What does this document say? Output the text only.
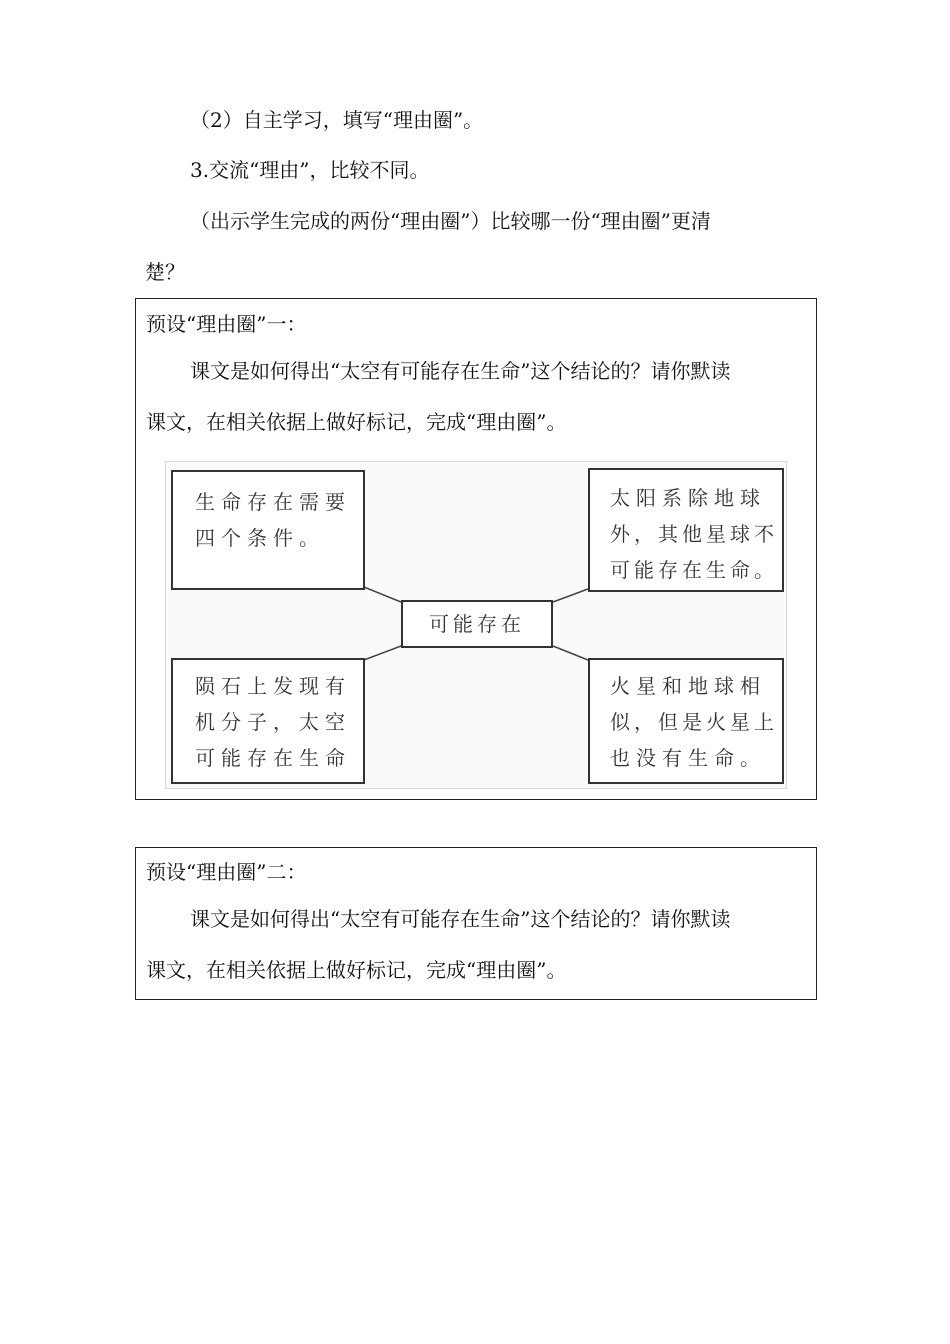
（2）自主学习，填写“理由圈”。
3.交流“理由”，比较不同。
（出示学生完成的两份“理由圈”）比较哪一份“理由圈”更清
楚？
预设“理由圈”一：
课文是如何得出“太空有可能存在生命”这个结论的？请你默读
课文，在相关依据上做好标记，完成“理由圈”。
生命存在需要
四个条件。
太阳系除地球
外，其他星球不
可能存在生命。
可能存在
陨石上发现有
机分子，太空
可能存在生命
火星和地球相
似，但是火星上
也没有生命。
预设“理由圈”二：
课文是如何得出“太空有可能存在生命”这个结论的？请你默读
课文，在相关依据上做好标记，完成“理由圈”。
